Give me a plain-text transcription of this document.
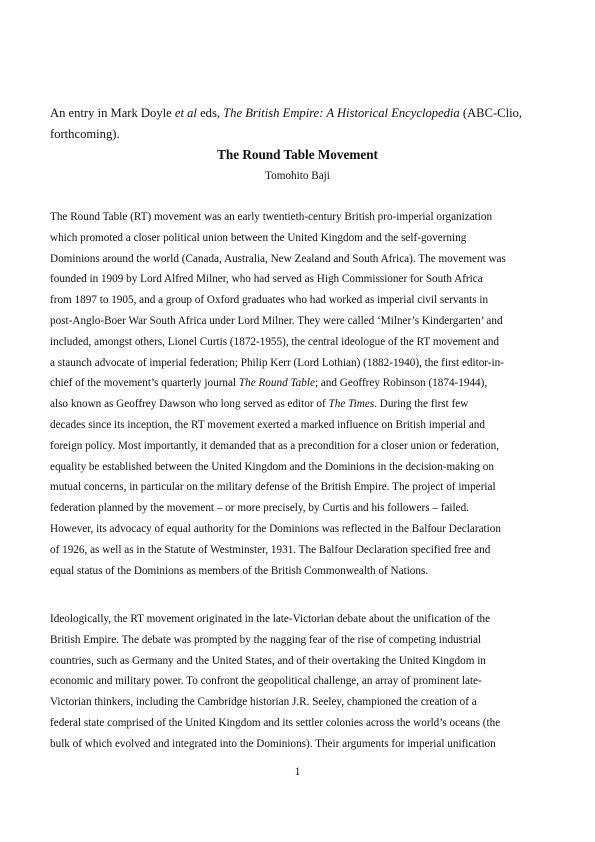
An entry in Mark Doyle et al eds, The British Empire: A Historical Encyclopedia (ABC-Clio,
forthcoming).

The Round Table Movement

Tomohito Baji

The Round Table (RT) movement was an early twentieth-century British pro-imperial organization
which promoted a closer political union between the United Kingdom and the self-governing
Dominions around the world (Canada, Australia, New Zealand and South Africa). The movement was
founded in 1909 by Lord Alfred Milner, who had served as High Commissioner for South Africa
from 1897 to 1905, and a group of Oxford graduates who had worked as imperial civil servants in
post-Anglo-Boer War South Africa under Lord Milner. They were called ‘Milner’s Kindergarten’ and
included, amongst others, Lionel Curtis (1872-1955), the central ideologue of the RT movement and
a staunch advocate of imperial federation; Philip Kerr (Lord Lothian) (1882-1940), the first editor-in-
chief of the movement’s quarterly journal The Round Table; and Geoffrey Robinson (1874-1944),
also known as Geoffrey Dawson who long served as editor of The Times. During the first few
decades since its inception, the RT movement exerted a marked influence on British imperial and
foreign policy. Most importantly, it demanded that as a precondition for a closer union or federation,
equality be established between the United Kingdom and the Dominions in the decision-making on
mutual concerns, in particular on the military defense of the British Empire. The project of imperial
federation planned by the movement – or more precisely, by Curtis and his followers – failed.
However, its advocacy of equal authority for the Dominions was reflected in the Balfour Declaration
of 1926, as well as in the Statute of Westminster, 1931. The Balfour Declaration specified free and
equal status of the Dominions as members of the British Commonwealth of Nations.

Ideologically, the RT movement originated in the late-Victorian debate about the unification of the
British Empire. The debate was prompted by the nagging fear of the rise of competing industrial
countries, such as Germany and the United States, and of their overtaking the United Kingdom in
economic and military power. To confront the geopolitical challenge, an array of prominent late-
Victorian thinkers, including the Cambridge historian J.R. Seeley, championed the creation of a
federal state comprised of the United Kingdom and its settler colonies across the world’s oceans (the
bulk of which evolved and integrated into the Dominions). Their arguments for imperial unification

1
